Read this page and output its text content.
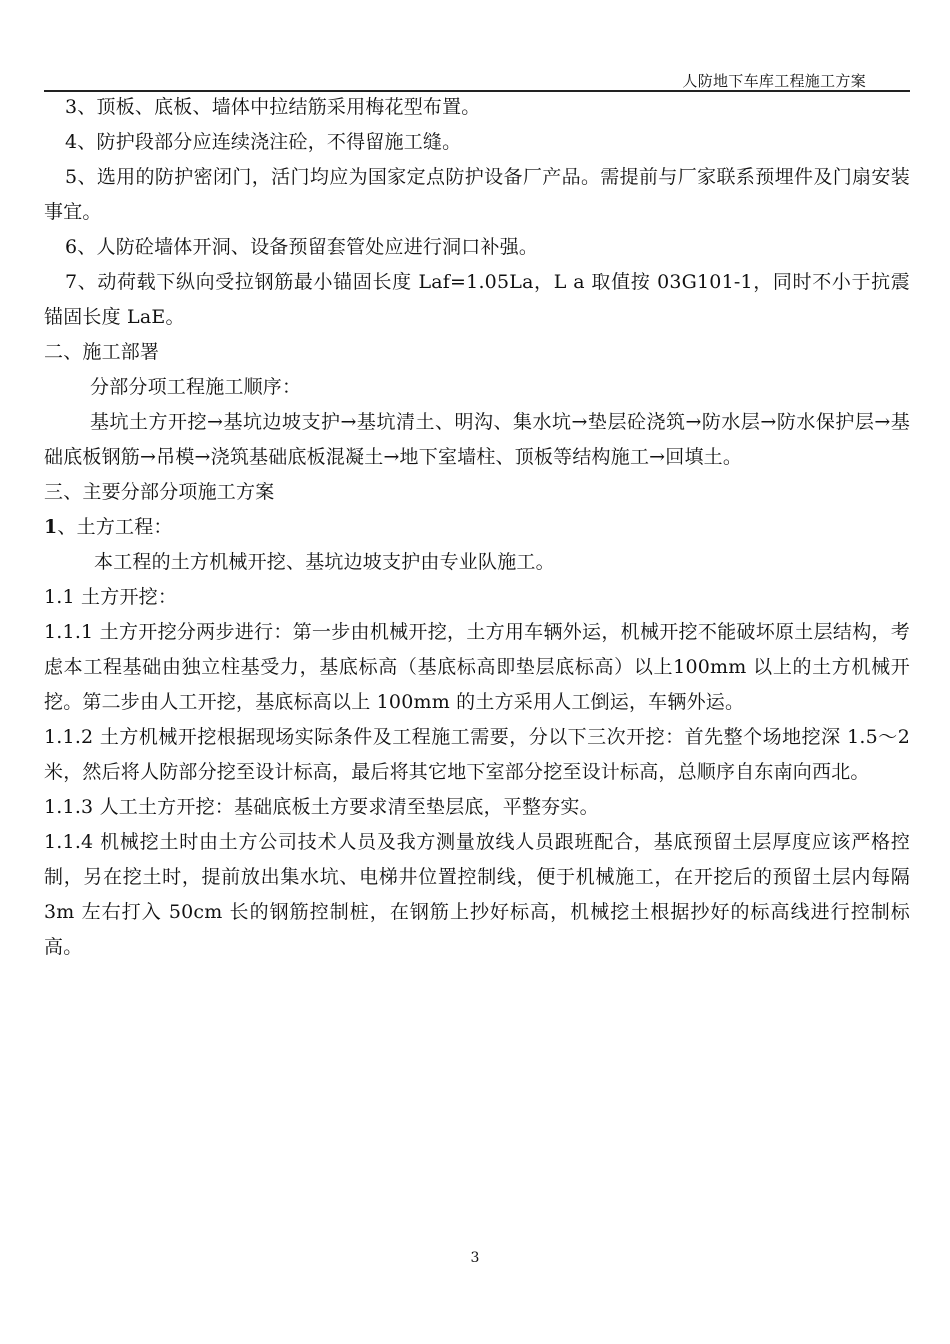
人防地下车库工程施工方案

3、顶板、底板、墙体中拉结筋采用梅花型布置。

4、防护段部分应连续浇注砼，不得留施工缝。

5、选用的防护密闭门，活门均应为国家定点防护设备厂产品。需提前与厂家联系预埋件及门扇安装事宜。

6、人防砼墙体开洞、设备预留套管处应进行洞口补强。

7、动荷载下纵向受拉钢筋最小锚固长度 Laf=1.05La，L a 取值按 03G101-1，同时不小于抗震锚固长度 LaE。

二、施工部署

分部分项工程施工顺序：

基坑土方开挖→基坑边坡支护→基坑清土、明沟、集水坑→垫层砼浇筑→防水层→防水保护层→基础底板钢筋→吊模→浇筑基础底板混凝土→地下室墙柱、顶板等结构施工→回填土。

三、主要分部分项施工方案

1、土方工程：

本工程的土方机械开挖、基坑边坡支护由专业队施工。

1.1 土方开挖：

1.1.1 土方开挖分两步进行：第一步由机械开挖，土方用车辆外运，机械开挖不能破坏原土层结构，考虑本工程基础由独立柱基受力，基底标高（基底标高即垫层底标高）以上100mm 以上的土方机械开挖。第二步由人工开挖，基底标高以上 100mm 的土方采用人工倒运，车辆外运。

1.1.2 土方机械开挖根据现场实际条件及工程施工需要，分以下三次开挖：首先整个场地挖深 1.5～2 米，然后将人防部分挖至设计标高，最后将其它地下室部分挖至设计标高，总顺序自东南向西北。

1.1.3 人工土方开挖：基础底板土方要求清至垫层底，平整夯实。

1.1.4 机械挖土时由土方公司技术人员及我方测量放线人员跟班配合，基底预留土层厚度应该严格控制，另在挖土时，提前放出集水坑、电梯井位置控制线，便于机械施工，在开挖后的预留土层内每隔 3m 左右打入 50cm 长的钢筋控制桩，在钢筋上抄好标高，机械挖土根据抄好的标高线进行控制标高。

3
